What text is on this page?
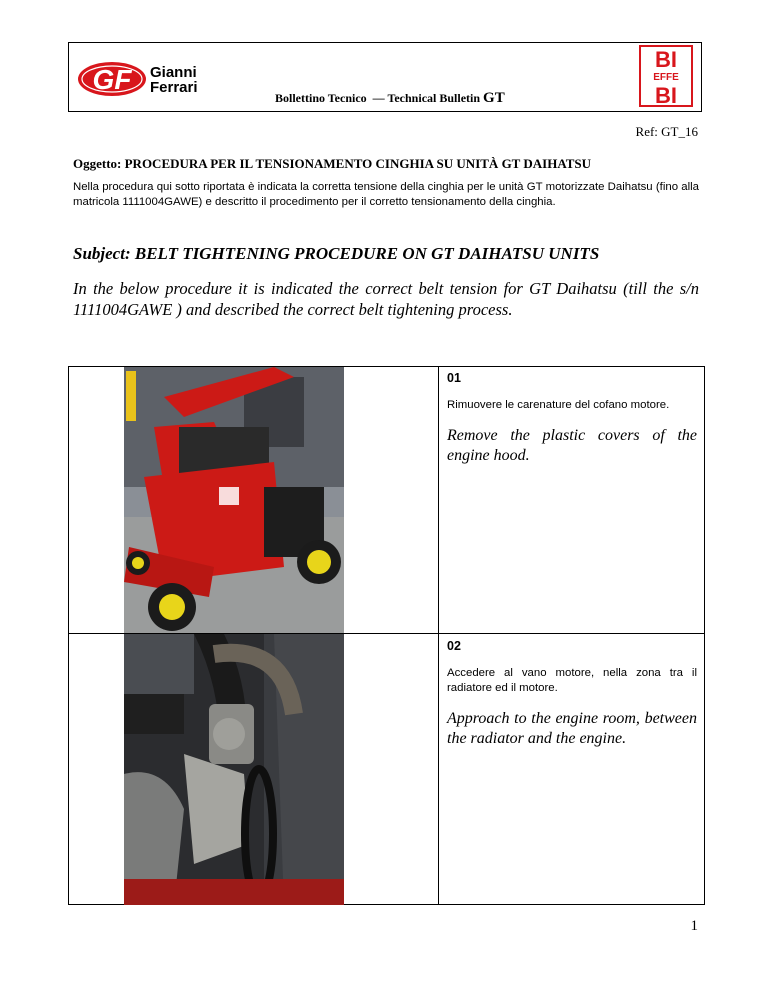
GF Gianni
Ferrari
Bollettino Tecnico  — Technical Bulletin GT
BI
EFFE
BI
Ref: GT_16
Oggetto: PROCEDURA PER IL TENSIONAMENTO CINGHIA SU UNITÀ GT DAIHATSU
Nella procedura qui sotto riportata è indicata la corretta tensione della cinghia per le unità GT motorizzate Daihatsu (fino alla matricola 1111004GAWE) e descritto il procedimento per il corretto tensionamento della cinghia.
Subject: BELT TIGHTENING PROCEDURE ON GT DAIHATSU UNITS
In the below procedure it is indicated the correct belt tension for GT Daihatsu (till the s/n 1111004GAWE ) and described the correct belt tightening process.
01
Rimuovere le carenature del cofano motore.
Remove the plastic covers of the engine hood.
02
Accedere al vano motore, nella zona tra il radiatore ed il motore.
Approach to the engine room, between the radiator and the engine.
1
